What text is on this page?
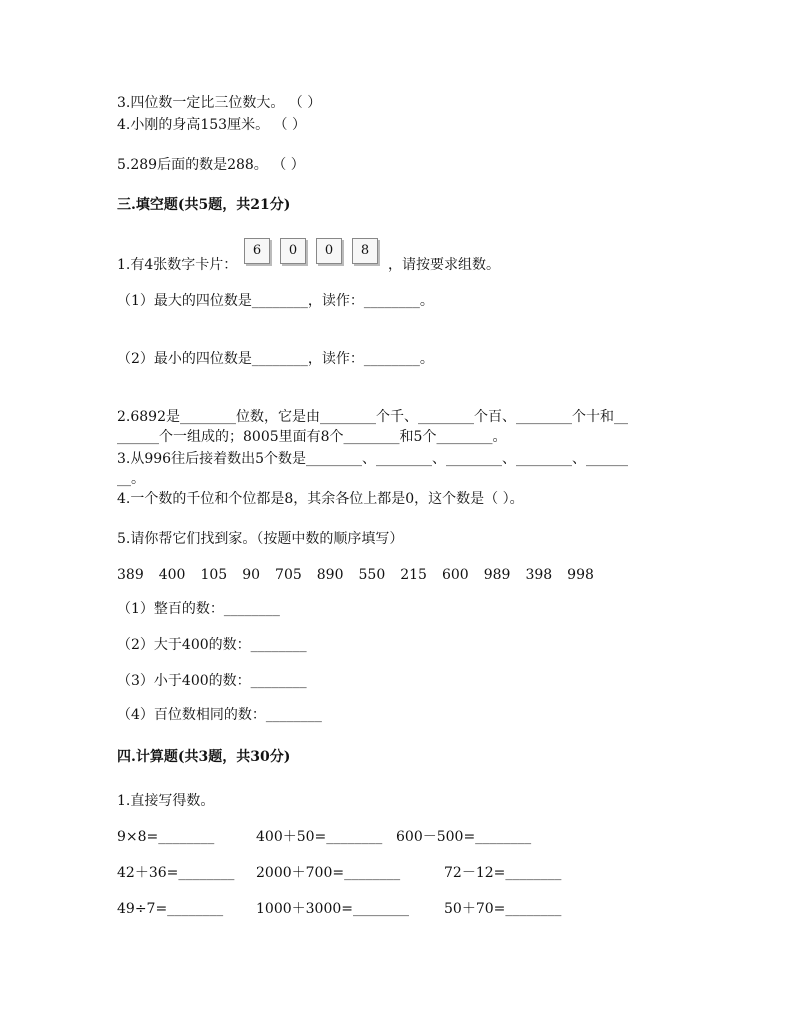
3.四位数一定比三位数大。 （ ）
4.小刚的身高153厘米。 （ ）
5.289后面的数是288。 （ ）
三.填空题(共5题，共21分)
1.有4张数字卡片：
6 0 0 8
，请按要求组数。
（1）最大的四位数是________，读作：________。
（2）最小的四位数是________，读作：________。
2.6892是________位数，它是由________个千、________个百、________个十和__
______个一组成的；8005里面有8个________和5个________。
3.从996往后接着数出5个数是________、________、________、________、______
__。
4.一个数的千位和个位都是8，其余各位上都是0，这个数是（ ）。
5.请你帮它们找到家。（按题中数的顺序填写）
389 400 105 90 705 890 550 215 600 989 398 998
（1）整百的数：________
（2）大于400的数：________
（3）小于400的数：________
（4）百位数相同的数：________
四.计算题(共3题，共30分)
1.直接写得数。
9×8=________	400＋50=________ 600－500=________
42＋36=________ 2000＋700=________	72－12=________
49÷7=________ 1000＋3000=________	50＋70=________
